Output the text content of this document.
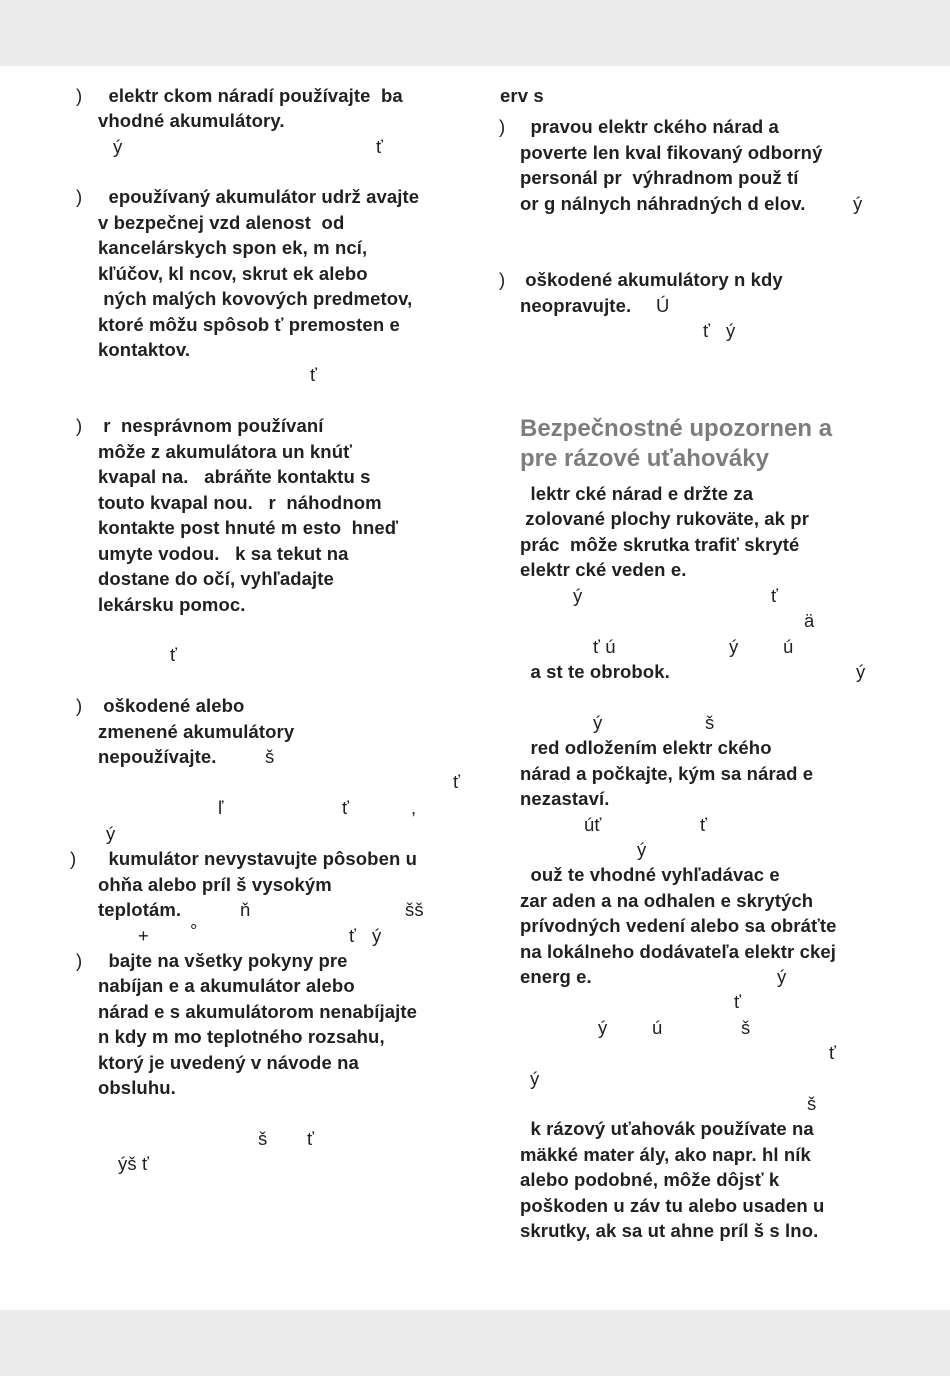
) elektr ckom náradí používajte  ba
vhodné akumulátory.
ý	ť
) epoužívaný akumulátor udrž avajte
v bezpečnej vzd alenost  od
kancelárskych spon ek, m ncí,
kľúčov, kl ncov, skrut ek alebo
ných malých kovových predmetov,
ktoré môžu spôsob ť premosten e
kontaktov.
ť
) r  nesprávnom používaní
môže z akumulátora un knúť
kvapal na.   abráňte kontaktu s
touto kvapal nou.   r  náhodnom
kontakte post hnuté m esto  hneď
umyte vodou.   k sa tekut na
dostane do očí, vyhľadajte
lekársku pomoc.
ť
) oškodené alebo
zmenené akumulátory
nepoužívajte.	š
ť
ľ	ť	,
ý
) kumulátor nevystavujte pôsoben u
ohňa alebo príl š vysokým
teplotám.	ň	šš
+ °	ť ý
) bajte na všetky pokyny pre
nabíjan e a akumulátor alebo
nárad e s akumulátorom nenabíjajte
n kdy m mo teplotného rozsahu,
ktorý je uvedený v návode na
obsluhu.
š ť
ýš ť
erv s
) pravou elektr ckého nárad a
poverte len kval fikovaný odborný
personál pr  výhradnom použ tí
or g nálnych náhradných d elov.	ý
) oškodené akumulátory n kdy
neopravujte. Ú
ť ý
Bezpečnostné upozornen a
pre rázové uťahováky
lektr cké nárad e držte za
zolované plochy rukoväte, ak pr
prác  môže skrutka trafiť skryté
elektr cké veden e.
ý	ť
ä
ť ú	ý ú
a st te obrobok.	ý
ý	š
red odložením elektr ckého
nárad a počkajte, kým sa nárad e
nezastaví.
úť	ť
ý
ouž te vhodné vyhľadávac e
zar aden a na odhalen e skrytých
prívodných vedení alebo sa obráťte
na lokálneho dodávateľa elektr ckej
energ e.	ý
ť
ý ú	š
ť
ý
š
k rázový uťahovák používate na
mäkké mater ály, ako napr. hl ník
alebo podobné, môže dôjsť k
poškoden u záv tu alebo usaden u
skrutky, ak sa ut ahne príl š s lno.
